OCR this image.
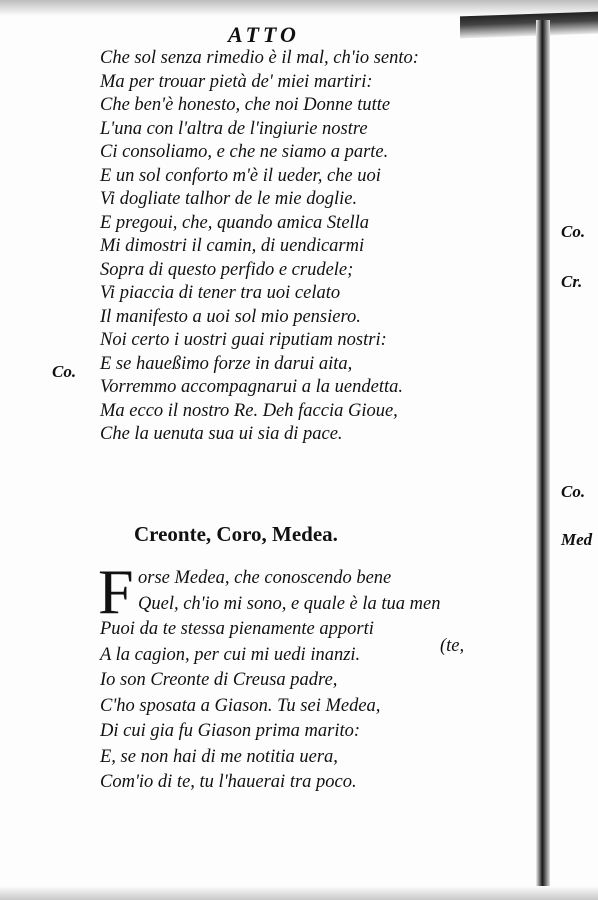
ATTO
Che sol senza rimedio è il mal, ch'io sento:
Ma per trouar pietà de' miei martiri:
Che ben'è honesto, che noi Donne tutte
L'una con l'altra de l'ingiurie nostre
Ci consoliamo, e che ne siamo a parte.
E un sol conforto m'è il ueder, che uoi
Vi dogliate talhor de le mie doglie.
E pregoui, che, quando amica Stella
Mi dimostri il camin, di uendicarmi
Sopra di questo perfido e crudele;
Vi piaccia di tener tra uoi celato
Il manifesto a uoi sol mio pensiero.
Noi certo i uostri guai riputiam nostri:
E se haueßimo forze in darui aita,
Vorremmo accompagnarui a la uendetta.
Ma ecco il nostro Re. Deh faccia Gioue,
Che la uenuta sua ui sia di pace.
Co.
Co.
Cr.
Co.
Med
Creonte, Coro, Medea.
F orse Medea, che conoscendo bene
Quel, ch'io mi sono, e quale è la tua men
Puoi da te stessa pienamente apporti
A la cagion, per cui mi uedi inanzi.
Io son Creonte di Creusa padre,
C'ho sposata a Giason. Tu sei Medea,
Di cui gia fu Giason prima marito:
E, se non hai di me notitia uera,
Com'io di te, tu l'hauerai tra poco.
(te,
